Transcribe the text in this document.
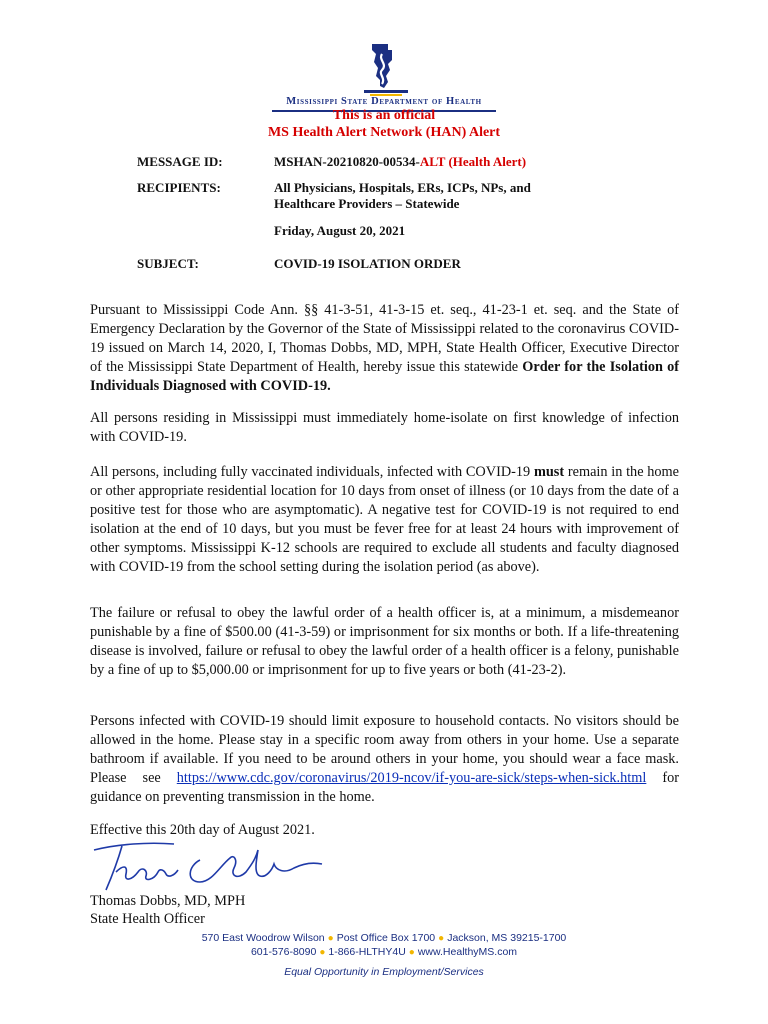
Mississippi State Department of Health
This is an official
MS Health Alert Network (HAN) Alert
MESSAGE ID:	MSHAN-20210820-00534-ALT (Health Alert)
RECIPIENTS:	All Physicians, Hospitals, ERs, ICPs, NPs, and Healthcare Providers – Statewide
Friday, August 20, 2021
SUBJECT:	COVID-19 ISOLATION ORDER

Pursuant to Mississippi Code Ann. §§ 41-3-51, 41-3-15 et. seq., 41-23-1 et. seq. and the State of Emergency Declaration by the Governor of the State of Mississippi related to the coronavirus COVID-19 issued on March 14, 2020, I, Thomas Dobbs, MD, MPH, State Health Officer, Executive Director of the Mississippi State Department of Health, hereby issue this statewide Order for the Isolation of Individuals Diagnosed with COVID-19.

All persons residing in Mississippi must immediately home-isolate on first knowledge of infection with COVID-19.

All persons, including fully vaccinated individuals, infected with COVID-19 must remain in the home or other appropriate residential location for 10 days from onset of illness (or 10 days from the date of a positive test for those who are asymptomatic). A negative test for COVID-19 is not required to end isolation at the end of 10 days, but you must be fever free for at least 24 hours with improvement of other symptoms. Mississippi K-12 schools are required to exclude all students and faculty diagnosed with COVID-19 from the school setting during the isolation period (as above).

The failure or refusal to obey the lawful order of a health officer is, at a minimum, a misdemeanor punishable by a fine of $500.00 (41-3-59) or imprisonment for six months or both. If a life-threatening disease is involved, failure or refusal to obey the lawful order of a health officer is a felony, punishable by a fine of up to $5,000.00 or imprisonment for up to five years or both (41-23-2).

Persons infected with COVID-19 should limit exposure to household contacts. No visitors should be allowed in the home. Please stay in a specific room away from others in your home. Use a separate bathroom if available. If you need to be around others in your home, you should wear a face mask. Please see https://www.cdc.gov/coronavirus/2019-ncov/if-you-are-sick/steps-when-sick.html for guidance on preventing transmission in the home.

Effective this 20th day of August 2021.
Thomas Dobbs, MD, MPH
State Health Officer
570 East Woodrow Wilson ● Post Office Box 1700 ● Jackson, MS 39215-1700
601-576-8090 ● 1-866-HLTHY4U ● www.HealthyMS.com
Equal Opportunity in Employment/Services
